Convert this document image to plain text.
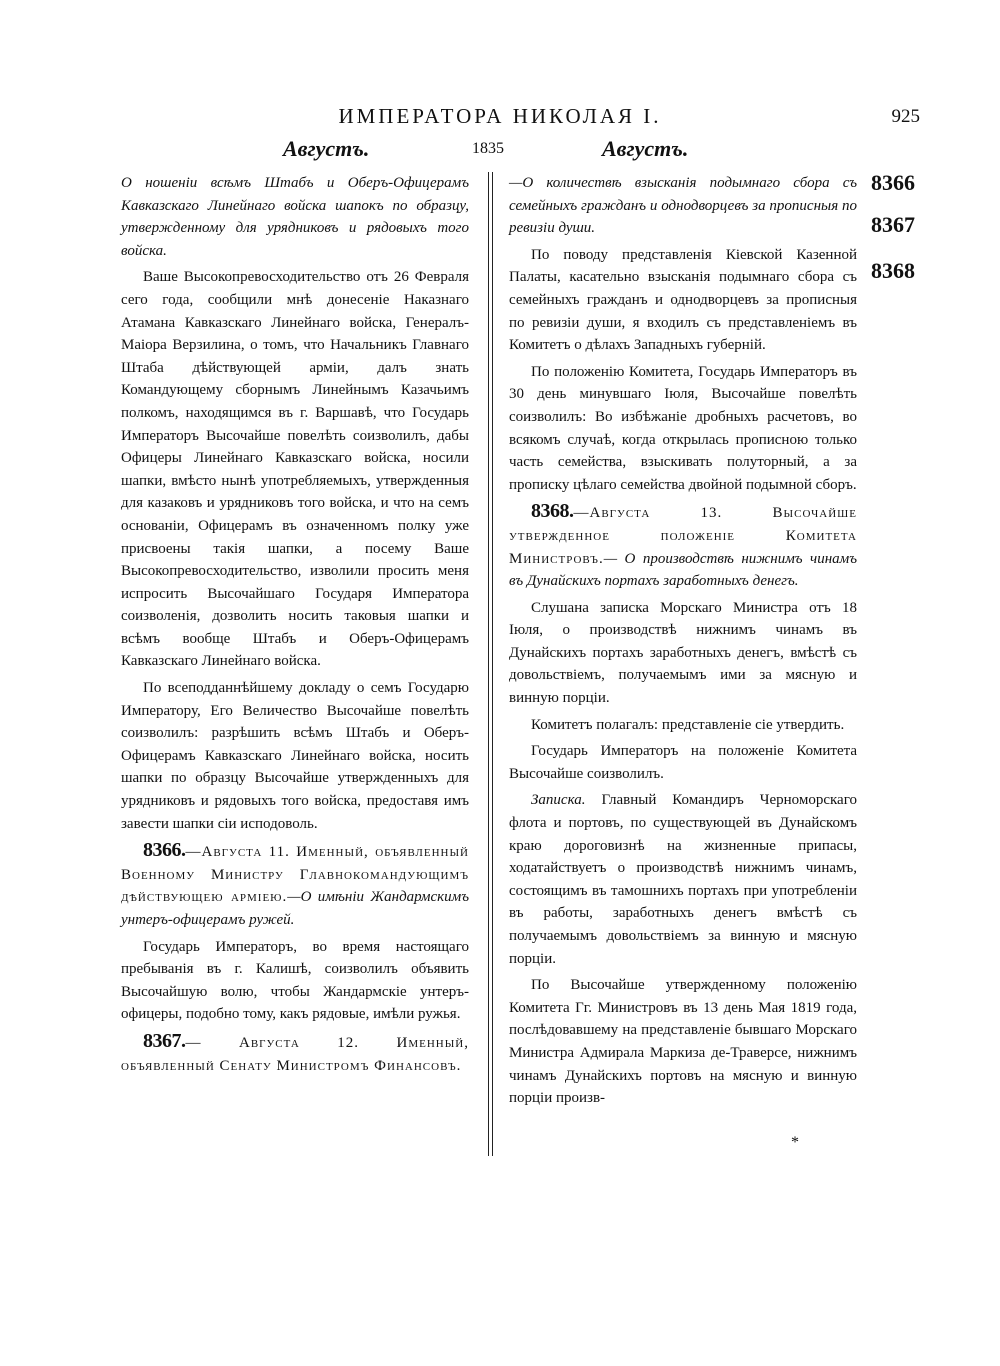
ИМПЕРАТОРА НИКОЛАЯ I.	925
Августъ.	1835	Августъ.

О ношеніи всѣмъ Штабъ и Оберъ-Офицерамъ Кавказскаго Линейнаго войска шапокъ по образцу, утвержденному для урядниковъ и рядовыхъ того войска.

Ваше Высокопревосходительство отъ 26 Февраля сего года, сообщили мнѣ донесеніе Наказнаго Атамана Кавказскаго Линейнаго войска, Генералъ-Маіора Верзилина, о томъ, что Начальникъ Главнаго Штаба дѣйствующей арміи, далъ знать Командующему сборнымъ Линейнымъ Казачьимъ полкомъ, находящимся въ г. Варшавѣ, что Государь Императоръ Высочайше повелѣть соизволилъ, дабы Офицеры Линейнаго Кавказскаго войска, носили шапки, вмѣсто нынѣ употребляемыхъ, утвержденныя для казаковъ и урядниковъ того войска, и что на семъ основаніи, Офицерамъ въ означенномъ полку уже присвоены такія шапки, а посему Ваше Высокопревосходительство, изволили просить меня испросить Высочайшаго Государя Императора соизволенія, дозволить носить таковыя шапки и всѣмъ вообще Штабъ и Оберъ-Офицерамъ Кавказскаго Линейнаго войска.

По всеподданнѣйшему докладу о семъ Государю Императору, Его Величество Высочайше повелѣть соизволилъ: разрѣшить всѣмъ Штабъ и Оберъ-Офицерамъ Кавказскаго Линейнаго войска, носить шапки по образцу Высочайше утвержденныхъ для урядниковъ и рядовыхъ того войска, предоставя имъ завести шапки сіи исподоволь.

8366.—Августа 11. Именный, объявленный Военному Министру Главнокомандующимъ дѣйствующею арміею.—О имѣніи Жандармскимъ унтеръ-офицерамъ ружей.

Государь Императоръ, во время настоящаго пребыванія въ г. Калишѣ, соизволилъ объявить Высочайшую волю, чтобы Жандармскіе унтеръ-офицеры, подобно тому, какъ рядовые, имѣли ружья.

8367.— Августа 12. Именный, объявленный Сенату Министромъ Финансовъ.

—О количествѣ взысканія подымнаго сбора съ семейныхъ гражданъ и однодворцевъ за прописныя по ревизіи души.

По поводу представленія Кіевской Казенной Палаты, касательно взысканія подымнаго сбора съ семейныхъ гражданъ и однодворцевъ за прописныя по ревизіи души, я входилъ съ представленіемъ въ Комитетъ о дѣлахъ Западныхъ губерній.

По положенію Комитета, Государь Императоръ въ 30 день минувшаго Іюля, Высочайше повелѣть соизволилъ: Во избѣжаніе дробныхъ расчетовъ, во всякомъ случаѣ, когда открылась прописною только часть семейства, взыскивать полуторный, а за прописку цѣлаго семейства двойной подымной сборъ.

8368.—Августа 13. Высочайше утвержденное положеніе Комитета Министровъ.— О производствѣ нижнимъ чинамъ въ Дунайскихъ портахъ заработныхъ денегъ.

Слушана записка Морскаго Министра отъ 18 Іюля, о производствѣ нижнимъ чинамъ въ Дунайскихъ портахъ заработныхъ денегъ, вмѣстѣ съ довольствіемъ, получаемымъ ими за мясную и винную порціи.

Комитетъ полагалъ: представленіе сіе утвердить.

Государь Императоръ на положеніе Комитета Высочайше соизволилъ.

Записка. Главный Командиръ Черноморскаго флота и портовъ, по существующей въ Дунайскомъ краю дороговизнѣ на жизненные припасы, ходатайствуетъ о производствѣ нижнимъ чинамъ, состоящимъ въ тамошнихъ портахъ при употребленіи въ работы, заработныхъ денегъ вмѣстѣ съ получаемымъ довольствіемъ за винную и мясную порціи.

По Высочайше утвержденному положенію Комитета Гг. Министровъ въ 13 день Мая 1819 года, послѣдовавшему на представленіе бывшаго Морскаго Министра Адмирала Маркиза де-Траверсе, нижнимъ чинамъ Дунайскихъ портовъ на мясную и винную порціи произв-

8366
8367
8368
*
